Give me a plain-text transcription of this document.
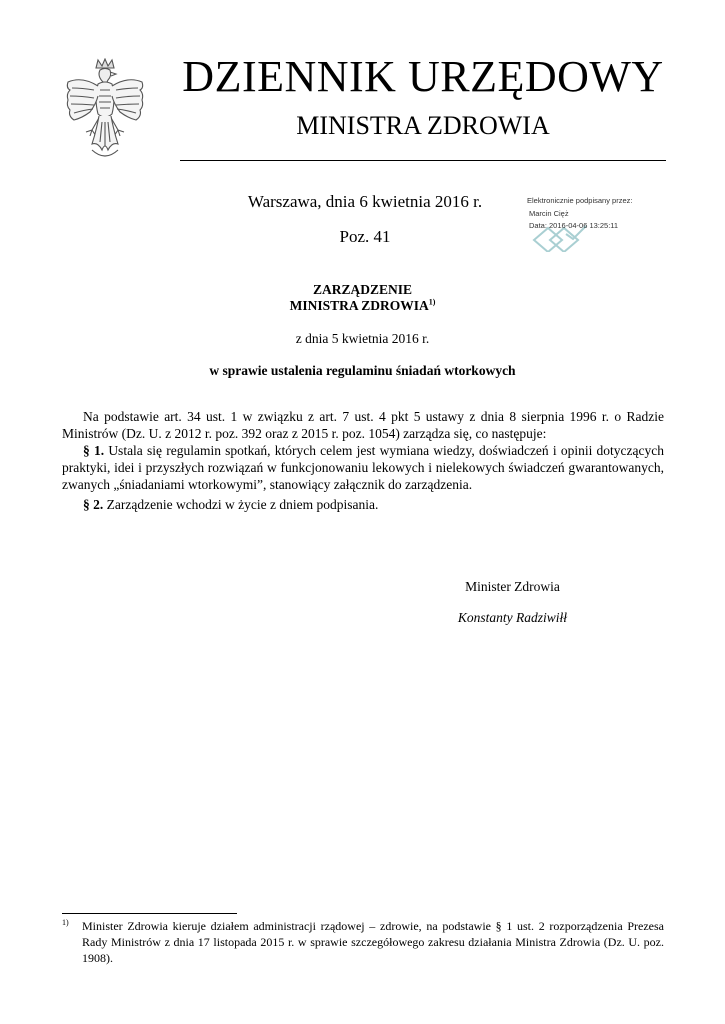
DZIENNIK URZĘDOWY
MINISTRA ZDROWIA
Warszawa, dnia 6 kwietnia 2016 r.
Poz. 41
Elektronicznie podpisany przez:
Marcin Cięż
Data: 2016-04-06 13:25:11
ZARZĄDZENIE
MINISTRA ZDROWIA$^{1)}$
z dnia 5 kwietnia 2016 r.
w sprawie ustalenia regulaminu śniadań wtorkowych
Na podstawie art. 34 ust. 1 w związku z art. 7 ust. 4 pkt 5 ustawy z dnia 8 sierpnia 1996 r. o Radzie Ministrów (Dz. U. z 2012 r. poz. 392 oraz z 2015 r. poz. 1054) zarządza się, co następuje:
§ 1. Ustala się regulamin spotkań, których celem jest wymiana wiedzy, doświadczeń i opinii dotyczących praktyki, idei i przyszłych rozwiązań w funkcjonowaniu lekowych i nielekowych świadczeń gwarantowanych, zwanych „śniadaniami wtorkowymi”, stanowiący załącznik do zarządzenia.
§ 2. Zarządzenie wchodzi w życie z dniem podpisania.
Minister Zdrowia
Konstanty Radziwiłł
1) Minister Zdrowia kieruje działem administracji rządowej – zdrowie, na podstawie § 1 ust. 2 rozporządzenia Prezesa Rady Ministrów z dnia 17 listopada 2015 r. w sprawie szczegółowego zakresu działania Ministra Zdrowia (Dz. U. poz. 1908).
